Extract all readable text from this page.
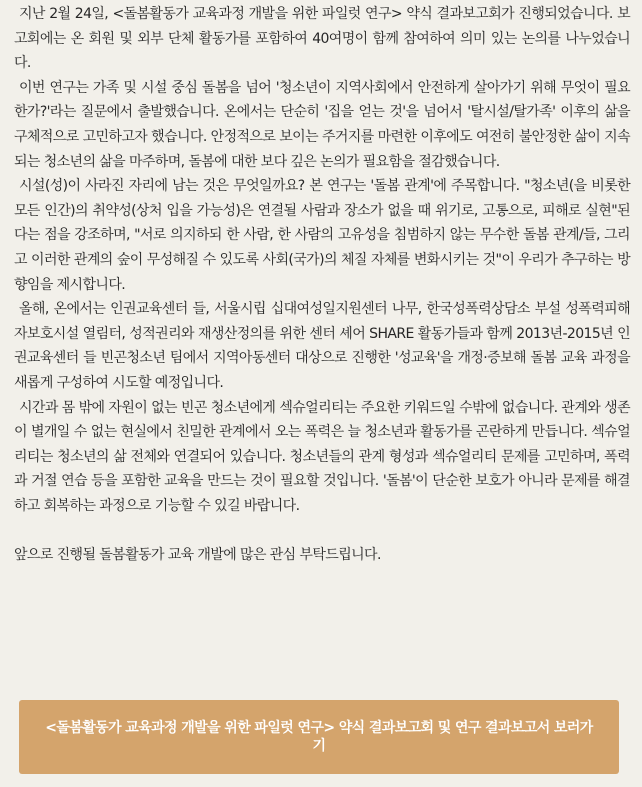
지난 2월 24일, <돌봄활동가 교육과정 개발을 위한 파일럿 연구> 약식 결과보고회가 진행되었습니다. 보고회에는 온 회원 및 외부 단체 활동가를 포함하여 40여명이 함께 참여하여 의미 있는 논의를 나누었습니다.

이번 연구는 가족 및 시설 중심 돌봄을 넘어 '청소년이 지역사회에서 안전하게 살아가기 위해 무엇이 필요한가?'라는 질문에서 출발했습니다. 온에서는 단순히 '집을 얻는 것'을 넘어서 '탈시설/탈가족' 이후의 삶을 구체적으로 고민하고자 했습니다. 안정적으로 보이는 주거지를 마련한 이후에도 여전히 불안정한 삶이 지속되는 청소년의 삶을 마주하며, 돌봄에 대한 보다 깊은 논의가 필요함을 절감했습니다.

시설(성)이 사라진 자리에 남는 것은 무엇일까요? 본 연구는 '돌봄 관계'에 주목합니다. "청소년(을 비롯한 모든 인간)의 취약성(상처 입을 가능성)은 연결될 사람과 장소가 없을 때 위기로, 고통으로, 피해로 실현"된다는 점을 강조하며, "서로 의지하되 한 사람, 한 사람의 고유성을 침범하지 않는 무수한 돌봄 관계/들, 그리고 이러한 관계의 숲이 무성해질 수 있도록 사회(국가)의 체질 자체를 변화시키는 것"이 우리가 추구하는 방향임을 제시합니다.

올해, 온에서는 인권교육센터 들, 서울시립 십대여성일지원센터 나무, 한국성폭력상담소 부설 성폭력피해자보호시설 열림터, 성적권리와 재생산정의를 위한 센터 셰어 SHARE 활동가들과 함께 2013년-2015년 인권교육센터 들 빈곤청소년 팀에서 지역아동센터 대상으로 진행한 '성교육'을 개정·증보해 돌봄 교육 과정을 새롭게 구성하여 시도할 예정입니다.

시간과 몸 밖에 자원이 없는 빈곤 청소년에게 섹슈얼리티는 주요한 키워드일 수밖에 없습니다. 관계와 생존이 별개일 수 없는 현실에서 친밀한 관계에서 오는 폭력은 늘 청소년과 활동가를 곤란하게 만듭니다. 섹슈얼리티는 청소년의 삶 전체와 연결되어 있습니다. 청소년들의 관계 형성과 섹슈얼리티 문제를 고민하며, 폭력과 거절 연습 등을 포함한 교육을 만드는 것이 필요할 것입니다. '돌봄'이 단순한 보호가 아니라 문제를 해결하고 회복하는 과정으로 기능할 수 있길 바랍니다.

앞으로 진행될 돌봄활동가 교육 개발에 많은 관심 부탁드립니다.

<돌봄활동가 교육과정 개발을 위한 파일럿 연구> 약식 결과보고회 및 연구 결과보고서 보러가기
